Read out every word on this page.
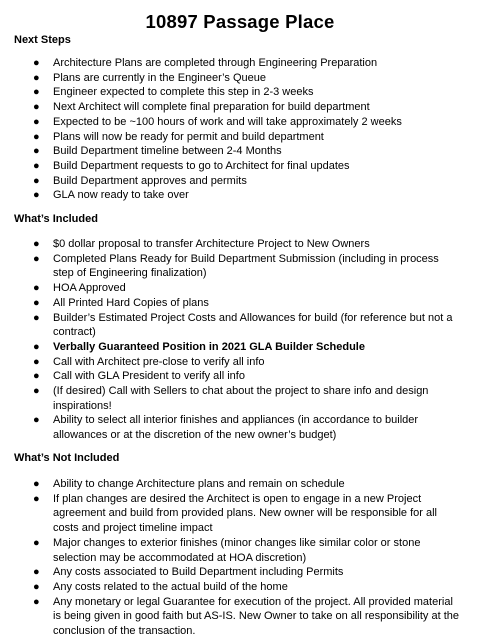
10897 Passage Place

Next Steps

● Architecture Plans are completed through Engineering Preparation
● Plans are currently in the Engineer’s Queue
● Engineer expected to complete this step in 2-3 weeks
● Next Architect will complete final preparation for build department
● Expected to be ~100 hours of work and will take approximately 2 weeks
● Plans will now be ready for permit and build department
● Build Department timeline between 2-4 Months
● Build Department requests to go to Architect for final updates
● Build Department approves and permits
● GLA now ready to take over

What’s Included

● $0 dollar proposal to transfer Architecture Project to New Owners
● Completed Plans Ready for Build Department Submission (including in process step of Engineering finalization)
● HOA Approved
● All Printed Hard Copies of plans
● Builder’s Estimated Project Costs and Allowances for build (for reference but not a contract)
● Verbally Guaranteed Position in 2021 GLA Builder Schedule
● Call with Architect pre-close to verify all info
● Call with GLA President to verify all info
● (If desired) Call with Sellers to chat about the project to share info and design inspirations!
● Ability to select all interior finishes and appliances (in accordance to builder allowances or at the discretion of the new owner’s budget)

What’s Not Included

● Ability to change Architecture plans and remain on schedule
● If plan changes are desired the Architect is open to engage in a new Project agreement and build from provided plans. New owner will be responsible for all costs and project timeline impact
● Major changes to exterior finishes (minor changes like similar color or stone selection may be accommodated at HOA discretion)
● Any costs associated to Build Department including Permits
● Any costs related to the actual build of the home
● Any monetary or legal Guarantee for execution of the project. All provided material is being given in good faith but AS-IS. New Owner to take on all responsibility at the conclusion of the transaction.
